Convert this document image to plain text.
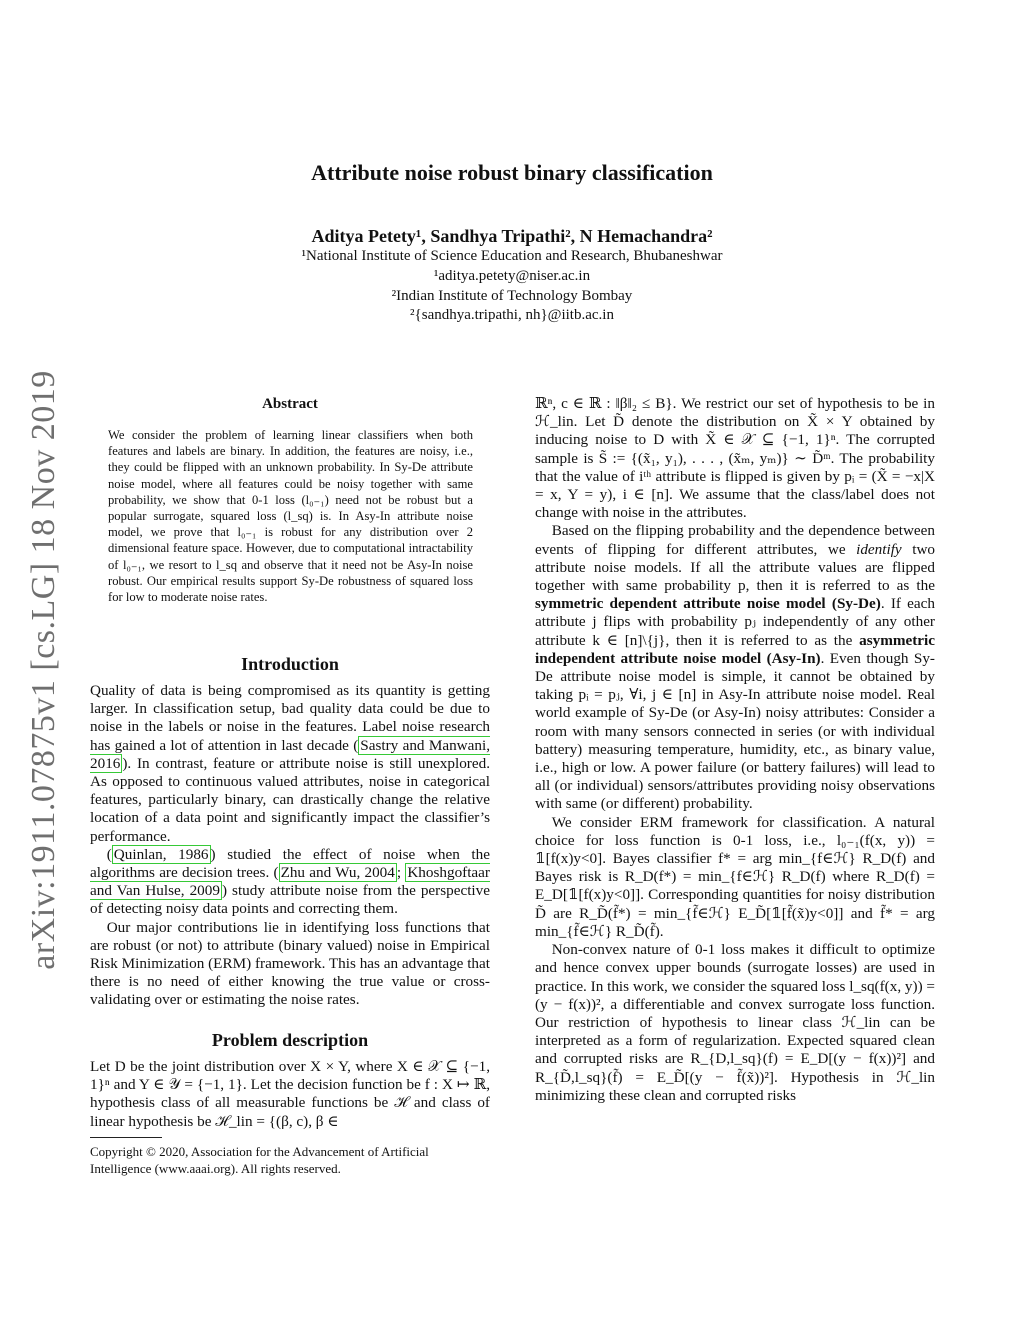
arXiv:1911.07875v1 [cs.LG] 18 Nov 2019
Attribute noise robust binary classification
Aditya Petety¹, Sandhya Tripathi², N Hemachandra²
¹National Institute of Science Education and Research, Bhubaneshwar
¹aditya.petety@niser.ac.in
²Indian Institute of Technology Bombay
²{sandhya.tripathi, nh}@iitb.ac.in
Abstract
We consider the problem of learning linear classifiers when both features and labels are binary. In addition, the features are noisy, i.e., they could be flipped with an unknown probability. In Sy-De attribute noise model, where all features could be noisy together with same probability, we show that 0-1 loss (l₀₋₁) need not be robust but a popular surrogate, squared loss (l_sq) is. In Asy-In attribute noise model, we prove that l₀₋₁ is robust for any distribution over 2 dimensional feature space. However, due to computational intractability of l₀₋₁, we resort to l_sq and observe that it need not be Asy-In noise robust. Our empirical results support Sy-De robustness of squared loss for low to moderate noise rates.
Introduction

Quality of data is being compromised as its quantity is getting larger. In classification setup, bad quality data could be due to noise in the labels or noise in the features. Label noise research has gained a lot of attention in last decade ( Sastry and Manwani, 2016 ). In contrast, feature or attribute noise is still unexplored. As opposed to continuous valued attributes, noise in categorical features, particularly binary, can drastically change the relative location of a data point and significantly impact the classifier’s performance.

( Quinlan, 1986 ) studied the effect of noise when the algorithms are decision trees. ( Zhu and Wu, 2004 ; Khoshgoftaar and Van Hulse, 2009 ) study attribute noise from the perspective of detecting noisy data points and correcting them.

Our major contributions lie in identifying loss functions that are robust (or not) to attribute (binary valued) noise in Empirical Risk Minimization (ERM) framework. This has an advantage that there is no need of either knowing the true value or cross-validating over or estimating the noise rates.

Problem description

Let D be the joint distribution over X × Y, where X ∈ 𝒳 ⊆ {−1, 1}ⁿ and Y ∈ 𝒴 = {−1, 1}. Let the decision function be f : X ↦ ℝ, hypothesis class of all measurable functions be ℋ and class of linear hypothesis be ℋ_lin = {(β, c), β ∈

Copyright © 2020, Association for the Advancement of Artificial Intelligence (www.aaai.org). All rights reserved.

ℝⁿ, c ∈ ℝ : ‖β‖₂ ≤ B}. We restrict our set of hypothesis to be in ℋ_lin. Let D̃ denote the distribution on X̃ × Y obtained by inducing noise to D with X̃ ∈ 𝒳 ⊆ {−1, 1}ⁿ. The corrupted sample is S̃ := {(x̃₁, y₁), . . . , (x̃ₘ, yₘ)} ∼ D̃ᵐ. The probability that the value of iᵗʰ attribute is flipped is given by pᵢ = (X̃ = −x|X = x, Y = y), i ∈ [n]. We assume that the class/label does not change with noise in the attributes.

Based on the flipping probability and the dependence between events of flipping for different attributes, we identify two attribute noise models. If all the attribute values are flipped together with same probability p, then it is referred to as the symmetric dependent attribute noise model (Sy-De). If each attribute j flips with probability pⱼ independently of any other attribute k ∈ [n]\{j}, then it is referred to as the asymmetric independent attribute noise model (Asy-In). Even though Sy-De attribute noise model is simple, it cannot be obtained by taking pᵢ = pⱼ, ∀i, j ∈ [n] in Asy-In attribute noise model. Real world example of Sy-De (or Asy-In) noisy attributes: Consider a room with many sensors connected in series (or with individual battery) measuring temperature, humidity, etc., as binary value, i.e., high or low. A power failure (or battery failures) will lead to all (or individual) sensors/attributes providing noisy observations with same (or different) probability.

We consider ERM framework for classification. A natural choice for loss function is 0-1 loss, i.e., l₀₋₁(f(x, y)) = 𝟙[f(x)y<0]. Bayes classifier f* = arg min_{f∈ℋ} R_D(f) and Bayes risk is R_D(f*) = min_{f∈ℋ} R_D(f) where R_D(f) = E_D[𝟙[f(x)y<0]]. Corresponding quantities for noisy distribution D̃ are R_D̃(f̃*) = min_{f̃∈ℋ} E_D̃[𝟙[f̃(x̃)y<0]] and f̃* = arg min_{f̃∈ℋ} R_D̃(f̃).

Non-convex nature of 0-1 loss makes it difficult to optimize and hence convex upper bounds (surrogate losses) are used in practice. In this work, we consider the squared loss l_sq(f(x, y)) = (y − f(x))², a differentiable and convex surrogate loss function. Our restriction of hypothesis to linear class ℋ_lin can be interpreted as a form of regularization. Expected squared clean and corrupted risks are R_{D,l_sq}(f) = E_D[(y − f(x))²] and R_{D̃,l_sq}(f̃) = E_D̃[(y − f̃(x̃))²]. Hypothesis in ℋ_lin minimizing these clean and corrupted risks
